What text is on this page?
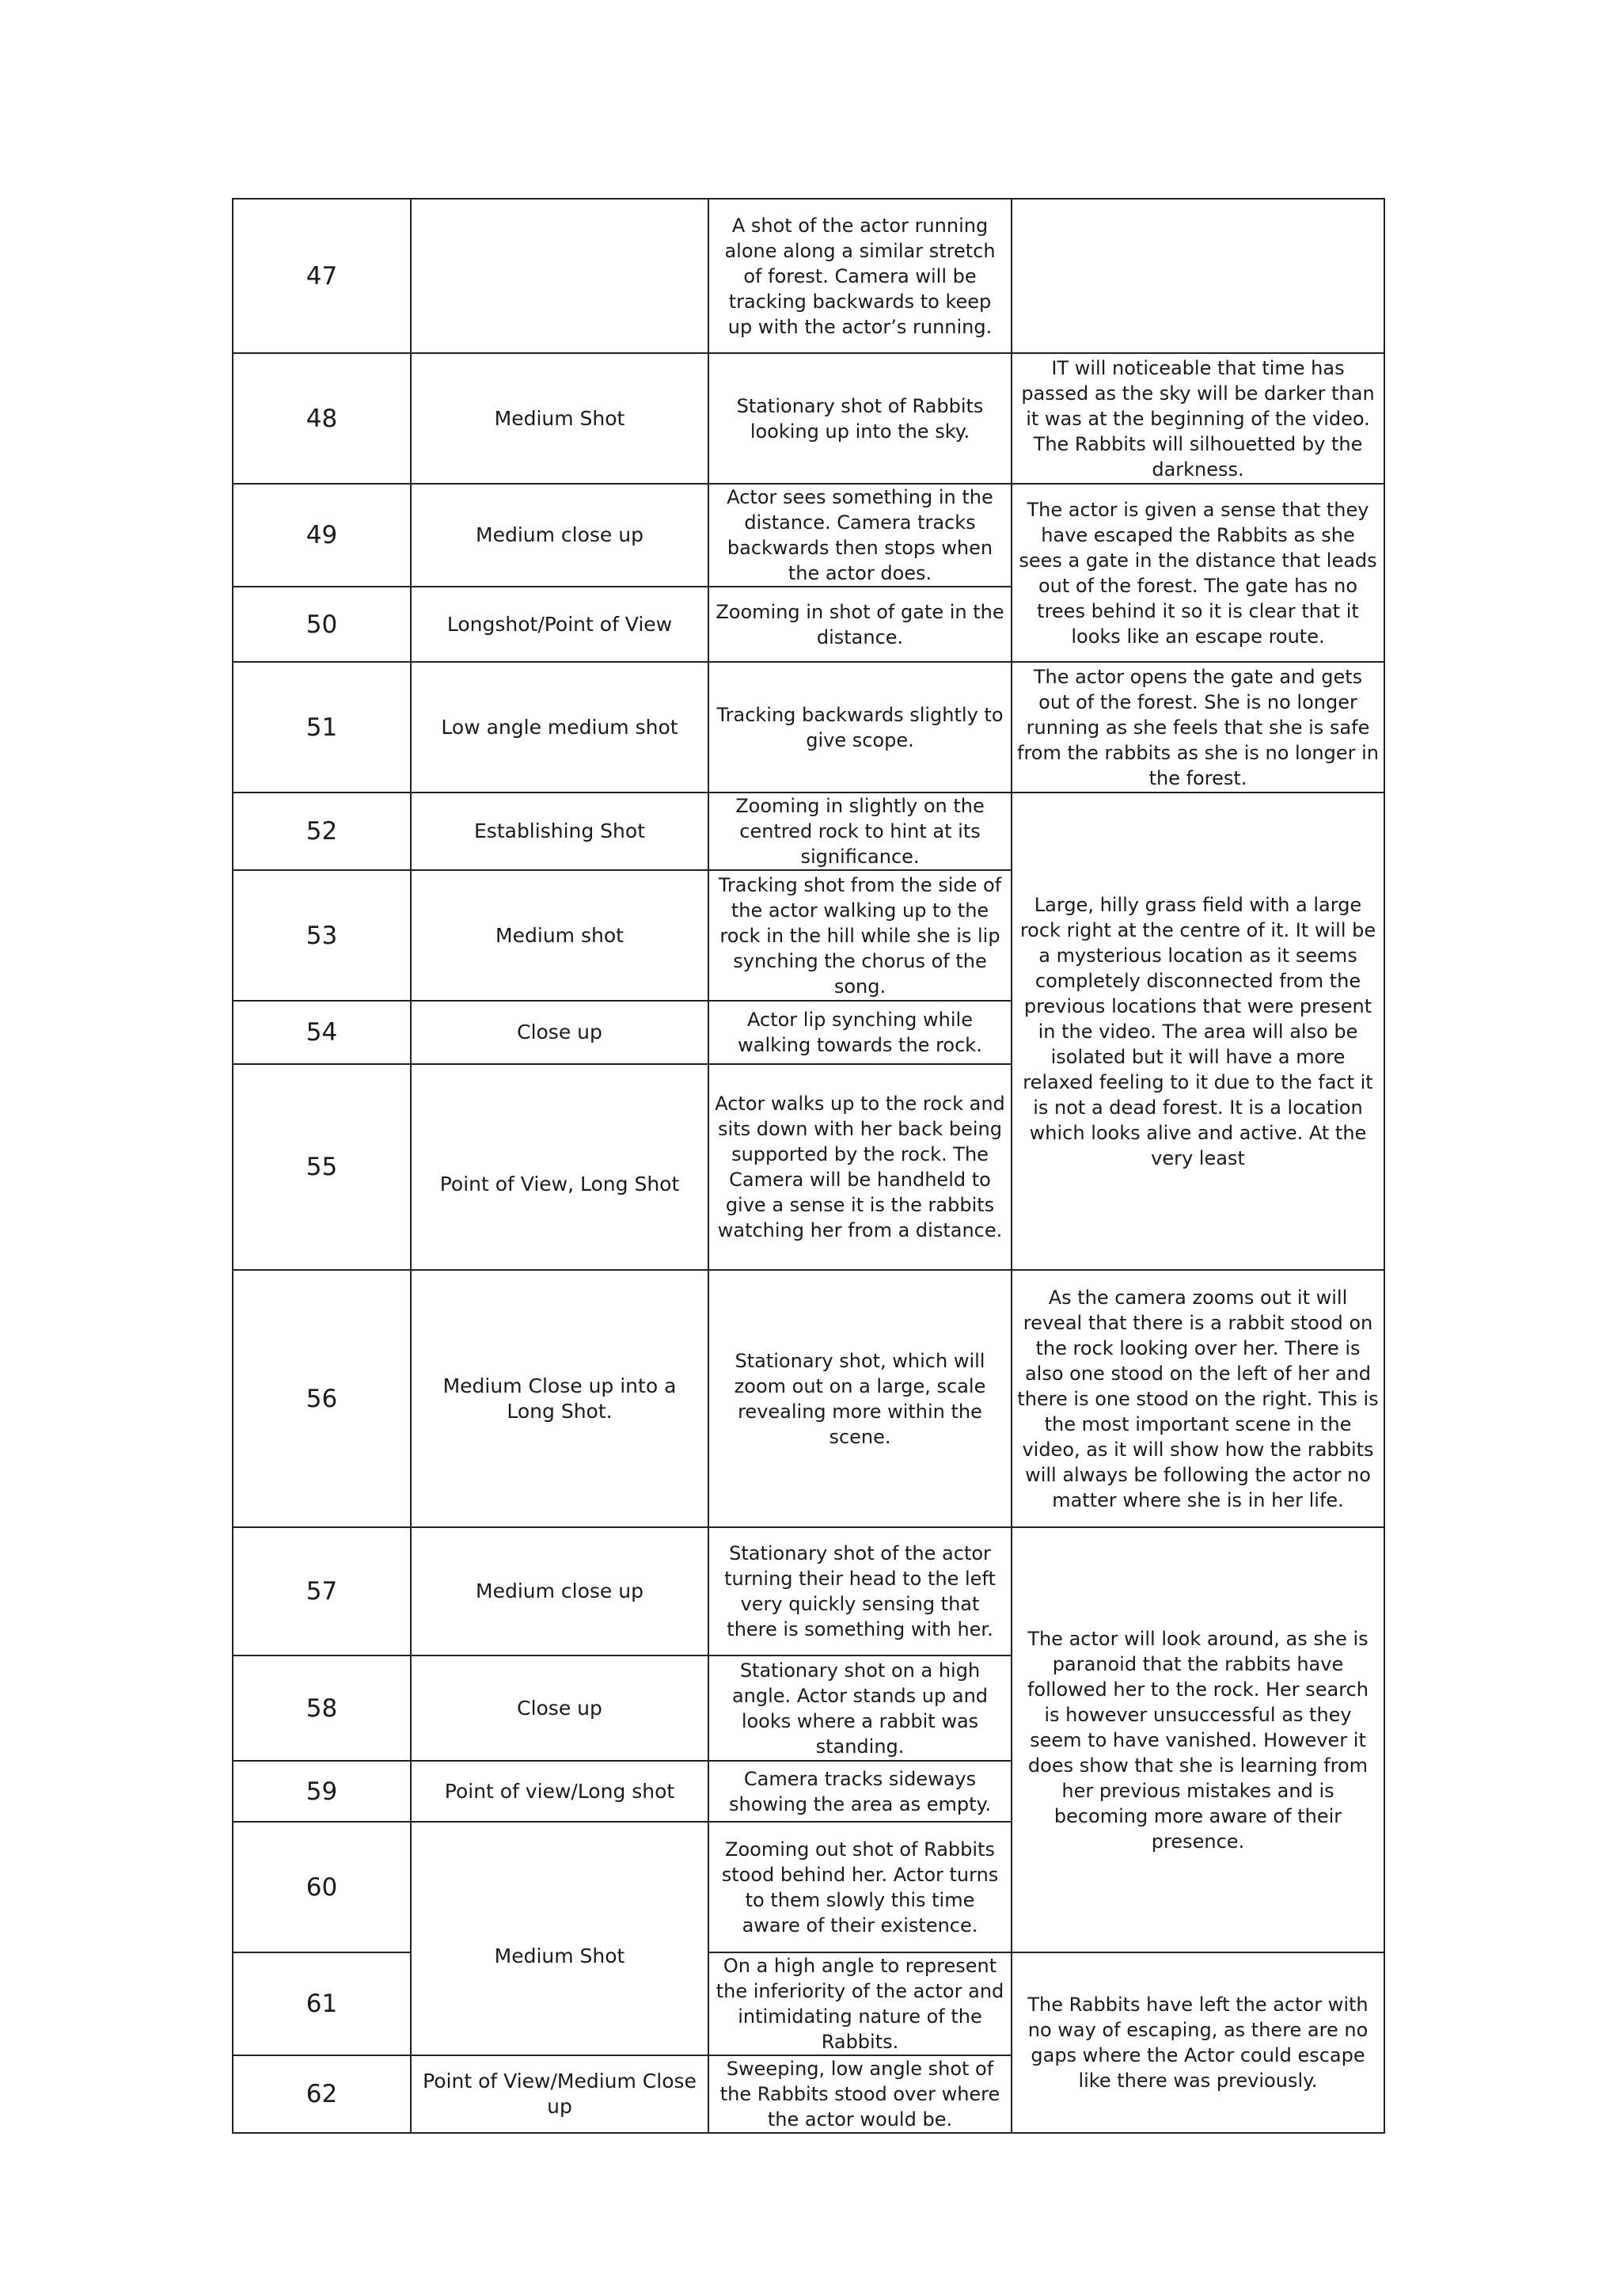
47		A shot of the actor running alone along a similar stretch of forest. Camera will be tracking backwards to keep up with the actor’s running.	
48	Medium Shot	Stationary shot of Rabbits looking up into the sky.	IT will noticeable that time has passed as the sky will be darker than it was at the beginning of the video. The Rabbits will silhouetted by the darkness.
49	Medium close up	Actor sees something in the distance. Camera tracks backwards then stops when the actor does.	The actor is given a sense that they have escaped the Rabbits as she sees a gate in the distance that leads out of the forest. The gate has no trees behind it so it is clear that it looks like an escape route.
50	Longshot/Point of View	Zooming in shot of gate in the distance.	
51	Low angle medium shot	Tracking backwards slightly to give scope.	The actor opens the gate and gets out of the forest. She is no longer running as she feels that she is safe from the rabbits as she is no longer in the forest.
52	Establishing Shot	Zooming in slightly on the centred rock to hint at its significance.	Large, hilly grass field with a large rock right at the centre of it. It will be a mysterious location as it seems completely disconnected from the previous locations that were present in the video. The area will also be isolated but it will have a more relaxed feeling to it due to the fact it is not a dead forest. It is a location which looks alive and active. At the very least
53	Medium shot	Tracking shot from the side of the actor walking up to the rock in the hill while she is lip synching the chorus of the song.	
54	Close up	Actor lip synching while walking towards the rock.	
55	Point of View, Long Shot	Actor walks up to the rock and sits down with her back being supported by the rock. The Camera will be handheld to give a sense it is the rabbits watching her from a distance.	
56	Medium Close up into a Long Shot.	Stationary shot, which will zoom out on a large, scale revealing more within the scene.	As the camera zooms out it will reveal that there is a rabbit stood on the rock looking over her. There is also one stood on the left of her and there is one stood on the right. This is the most important scene in the video, as it will show how the rabbits will always be following the actor no matter where she is in her life.
57	Medium close up	Stationary shot of the actor turning their head to the left very quickly sensing that there is something with her.	The actor will look around, as she is paranoid that the rabbits have followed her to the rock. Her search is however unsuccessful as they seem to have vanished. However it does show that she is learning from her previous mistakes and is becoming more aware of their presence.
58	Close up	Stationary shot on a high angle. Actor stands up and looks where a rabbit was standing.	
59	Point of view/Long shot	Camera tracks sideways showing the area as empty.	
60	Medium Shot	Zooming out shot of Rabbits stood behind her. Actor turns to them slowly this time aware of their existence.	
61		On a high angle to represent the inferiority of the actor and intimidating nature of the Rabbits.	The Rabbits have left the actor with no way of escaping, as there are no gaps where the Actor could escape like there was previously.
62	Point of View/Medium Close up	Sweeping, low angle shot of the Rabbits stood over where the actor would be.	
